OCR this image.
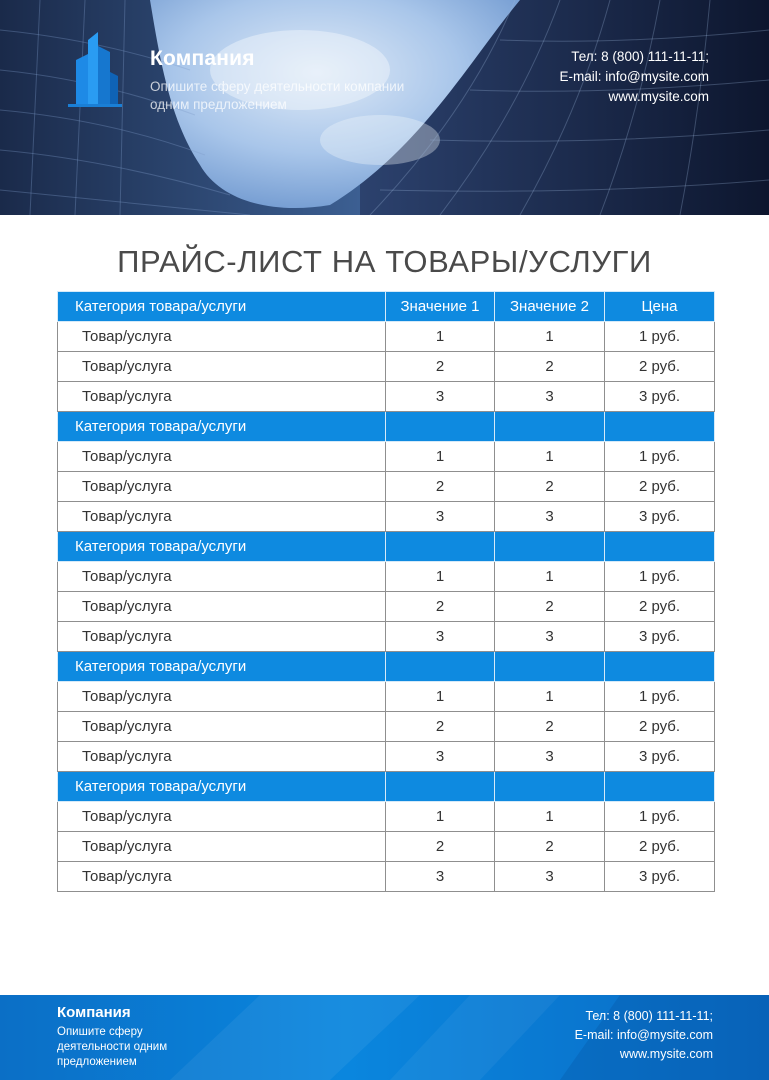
Компания
Опишите сферу деятельности компании одним предложением
Тел: 8 (800) 111-11-11;
E-mail: info@mysite.com
www.mysite.com
ПРАЙС-ЛИСТ НА ТОВАРЫ/УСЛУГИ
Категория товара/услуги	Значение 1	Значение 2	Цена
Товар/услуга	1	1	1 руб.
Товар/услуга	2	2	2 руб.
Товар/услуга	3	3	3 руб.
Категория товара/услуги			
Товар/услуга	1	1	1 руб.
Товар/услуга	2	2	2 руб.
Товар/услуга	3	3	3 руб.
Категория товара/услуги			
Товар/услуга	1	1	1 руб.
Товар/услуга	2	2	2 руб.
Товар/услуга	3	3	3 руб.
Категория товара/услуги			
Товар/услуга	1	1	1 руб.
Товар/услуга	2	2	2 руб.
Товар/услуга	3	3	3 руб.
Категория товара/услуги			
Товар/услуга	1	1	1 руб.
Товар/услуга	2	2	2 руб.
Товар/услуга	3	3	3 руб.
Компания
Опишите сферу деятельности одним предложением
Тел: 8 (800) 111-11-11;
E-mail: info@mysite.com
www.mysite.com
